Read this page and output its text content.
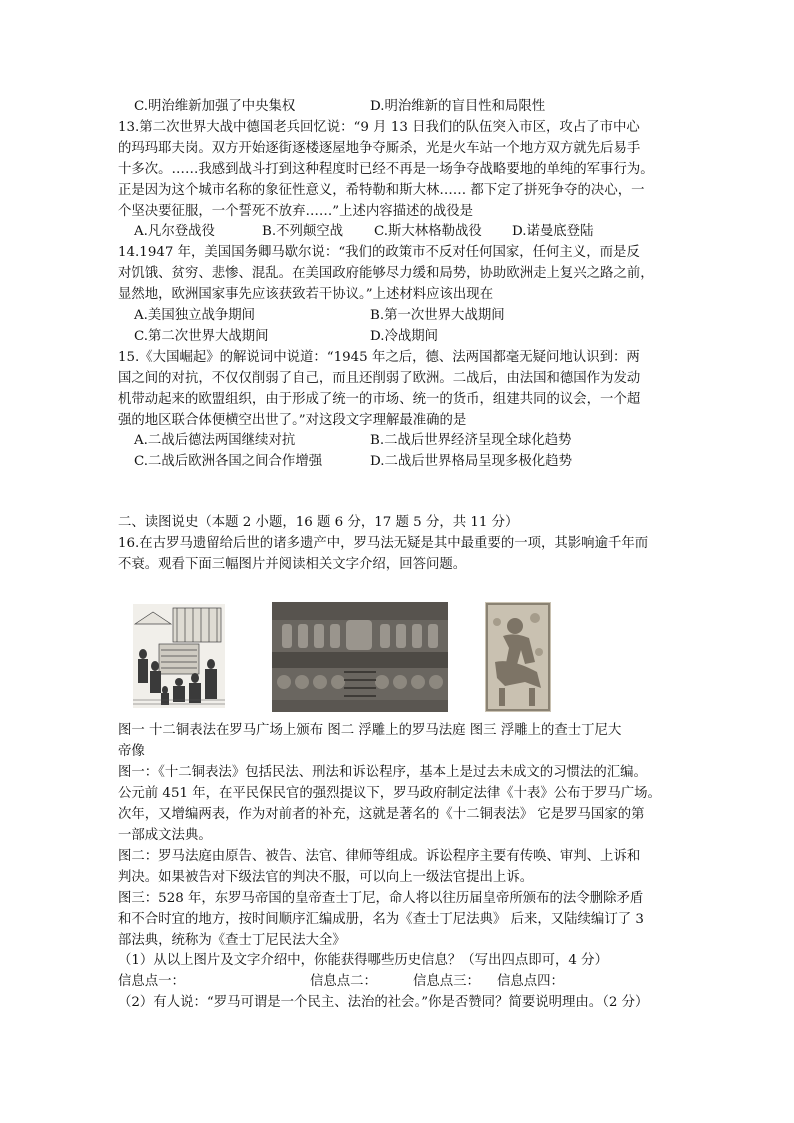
C.明治维新加强了中央集权	D.明治维新的盲目性和局限性
13.第二次世界大战中德国老兵回忆说：“9 月 13 日我们的队伍突入市区，攻占了市中心
的玛玛耶夫岗。双方开始逐街逐楼逐屋地争夺厮杀，光是火车站一个地方双方就先后易手
十多次。……我感到战斗打到这种程度时已经不再是一场争夺战略要地的单纯的军事行为。
正是因为这个城市名称的象征性意义，希特勒和斯大林…… 都下定了拼死争夺的决心，一
个坚决要征服，一个誓死不放弃……”上述内容描述的战役是
A.凡尔登战役	B.不列颠空战 C.斯大林格勒战役 D.诺曼底登陆
14.1947 年，美国国务卿马歇尔说：“我们的政策市不反对任何国家，任何主义，而是反
对饥饿、贫穷、悲惨、混乱。在美国政府能够尽力缓和局势，协助欧洲走上复兴之路之前，
显然地，欧洲国家事先应该获致若干协议。”上述材料应该出现在
A.美国独立战争期间	B.第一次世界大战期间
C.第二次世界大战期间	D.冷战期间
15.《大国崛起》的解说词中说道：“1945 年之后，德、法两国都毫无疑问地认识到：两
国之间的对抗，不仅仅削弱了自己，而且还削弱了欧洲。二战后，由法国和德国作为发动
机带动起来的欧盟组织，由于形成了统一的市场、统一的货币，组建共同的议会，一个超
强的地区联合体便横空出世了。”对这段文字理解最准确的是
A.二战后德法两国继续对抗	B.二战后世界经济呈现全球化趋势
C.二战后欧洲各国之间合作增强	D.二战后世界格局呈现多极化趋势
二、读图说史（本题 2 小题，16 题 6 分，17 题 5 分，共 11 分）
16.在古罗马遗留给后世的诸多遗产中，罗马法无疑是其中最重要的一项，其影响逾千年而
不衰。观看下面三幅图片并阅读相关文字介绍，回答问题。
图一 十二铜表法在罗马广场上颁布 图二 浮雕上的罗马法庭 图三 浮雕上的查士丁尼大
帝像
图一：《十二铜表法》包括民法、刑法和诉讼程序，基本上是过去未成文的习惯法的汇编。
公元前 451 年，在平民保民官的强烈提议下，罗马政府制定法律《十表》公布于罗马广场。
次年，又增编两表，作为对前者的补充，这就是著名的《十二铜表法》 它是罗马国家的第
一部成文法典。
图二：罗马法庭由原告、被告、法官、律师等组成。诉讼程序主要有传唤、审判、上诉和
判决。如果被告对下级法官的判决不服，可以向上一级法官提出上诉。
图三：528 年，东罗马帝国的皇帝查士丁尼，命人将以往历届皇帝所颁布的法令删除矛盾
和不合时宜的地方，按时间顺序汇编成册，名为《查士丁尼法典》 后来，又陆续编订了 3
部法典，统称为《查士丁尼民法大全》
（1）从以上图片及文字介绍中，你能获得哪些历史信息？（写出四点即可，4 分）
信息点一：	信息点二：	信息点三： 信息点四：
（2）有人说：“罗马可谓是一个民主、法治的社会。”你是否赞同？简要说明理由。（2 分）
